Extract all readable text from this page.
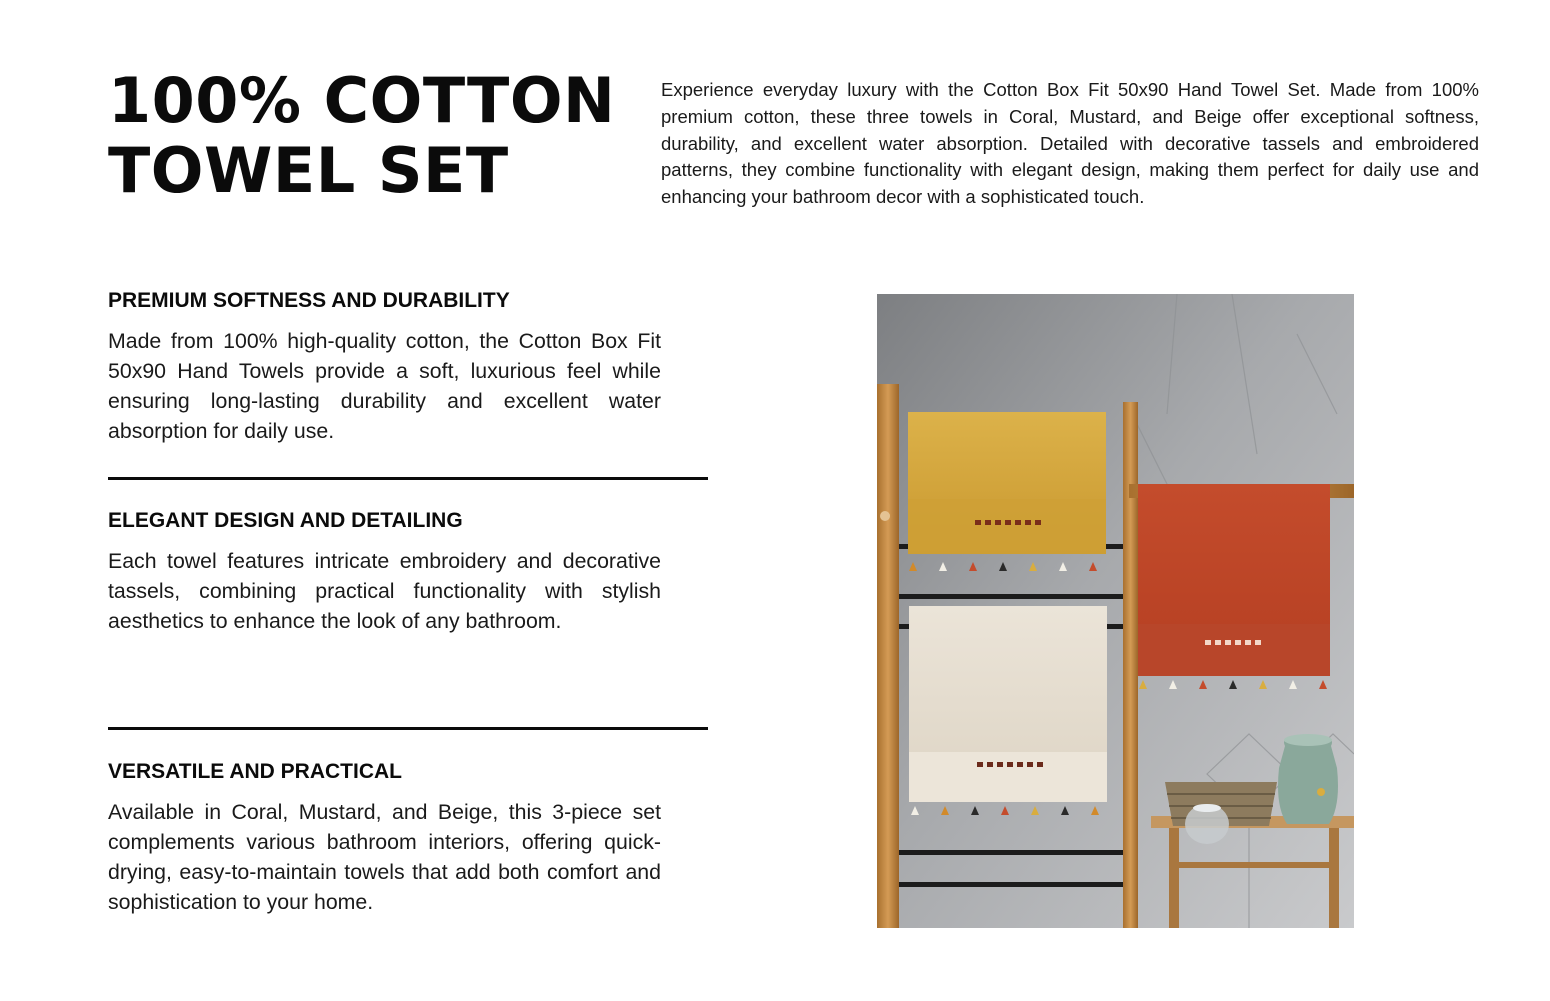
100% COTTON
TOWEL SET

Experience everyday luxury with the Cotton Box Fit 50x90 Hand Towel Set. Made from 100% premium cotton, these three towels in Coral, Mustard, and Beige offer exceptional softness, durability, and excellent water absorption. Detailed with decorative tassels and embroidered patterns, they combine functionality with elegant design, making them perfect for daily use and enhancing your bathroom decor with a sophisticated touch.

PREMIUM SOFTNESS AND DURABILITY

Made from 100% high-quality cotton, the Cotton Box Fit 50x90 Hand Towels provide a soft, luxurious feel while ensuring long-lasting durability and excellent water absorption for daily use.

ELEGANT DESIGN AND DETAILING

Each towel features intricate embroidery and decorative tassels, combining practical functionality with stylish aesthetics to enhance the look of any bathroom.

VERSATILE AND PRACTICAL

Available in Coral, Mustard, and Beige, this 3-piece set complements various bathroom interiors, offering quick-drying, easy-to-maintain towels that add both comfort and sophistication to your home.
